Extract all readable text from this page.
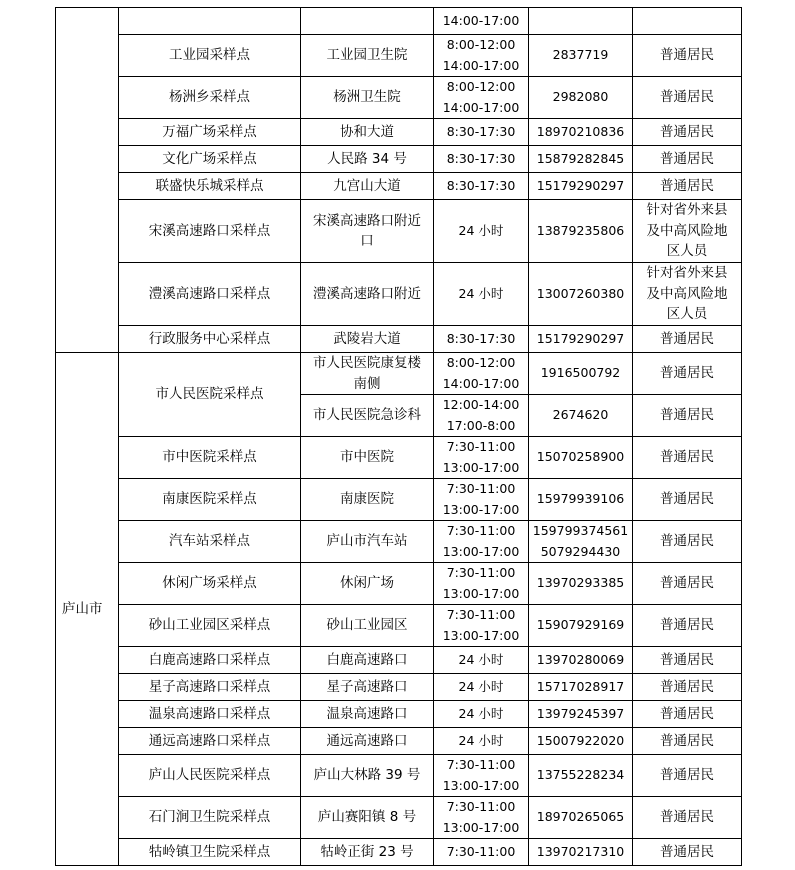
			14:00-17:00		

	工业园采样点	工业园卫生院	8:00-12:00
14:00-17:00	2837719	普通居民

	杨洲乡采样点	杨洲卫生院	8:00-12:00
14:00-17:00	2982080	普通居民

	万福广场采样点	协和大道	8:30-17:30	18970210836	普通居民

	文化广场采样点	人民路 34 号	8:30-17:30	15879282845	普通居民

	联盛快乐城采样点	九宫山大道	8:30-17:30	15179290297	普通居民

	宋溪高速路口采样点	宋溪高速路口附近
口	24 小时	13879235806	针对省外来县
及中高风险地
区人员

	澧溪高速路口采样点	澧溪高速路口附近	24 小时	13007260380	针对省外来县
及中高风险地
区人员

	行政服务中心采样点	武陵岩大道	8:30-17:30	15179290297	普通居民

庐山市	市人民医院采样点	市人民医院康复楼
南侧	8:00-12:00
14:00-17:00	1916500792	普通居民

		市人民医院急诊科	12:00-14:00
17:00-8:00	2674620	普通居民

	市中医院采样点	市中医院	7:30-11:00
13:00-17:00	15070258900	普通居民

	南康医院采样点	南康医院	7:30-11:00
13:00-17:00	15979939106	普通居民

	汽车站采样点	庐山市汽车站	7:30-11:00
13:00-17:00	159799374561
5079294430	普通居民

	休闲广场采样点	休闲广场	7:30-11:00
13:00-17:00	13970293385	普通居民

	砂山工业园区采样点	砂山工业园区	7:30-11:00
13:00-17:00	15907929169	普通居民

	白鹿高速路口采样点	白鹿高速路口	24 小时	13970280069	普通居民

	星子高速路口采样点	星子高速路口	24 小时	15717028917	普通居民

	温泉高速路口采样点	温泉高速路口	24 小时	13979245397	普通居民

	通远高速路口采样点	通远高速路口	24 小时	15007922020	普通居民

	庐山人民医院采样点	庐山大林路 39 号	7:30-11:00
13:00-17:00	13755228234	普通居民

	石门涧卫生院采样点	庐山赛阳镇 8 号	7:30-11:00
13:00-17:00	18970265065	普通居民

	牯岭镇卫生院采样点	牯岭正街 23 号	7:30-11:00	13970217310	普通居民
